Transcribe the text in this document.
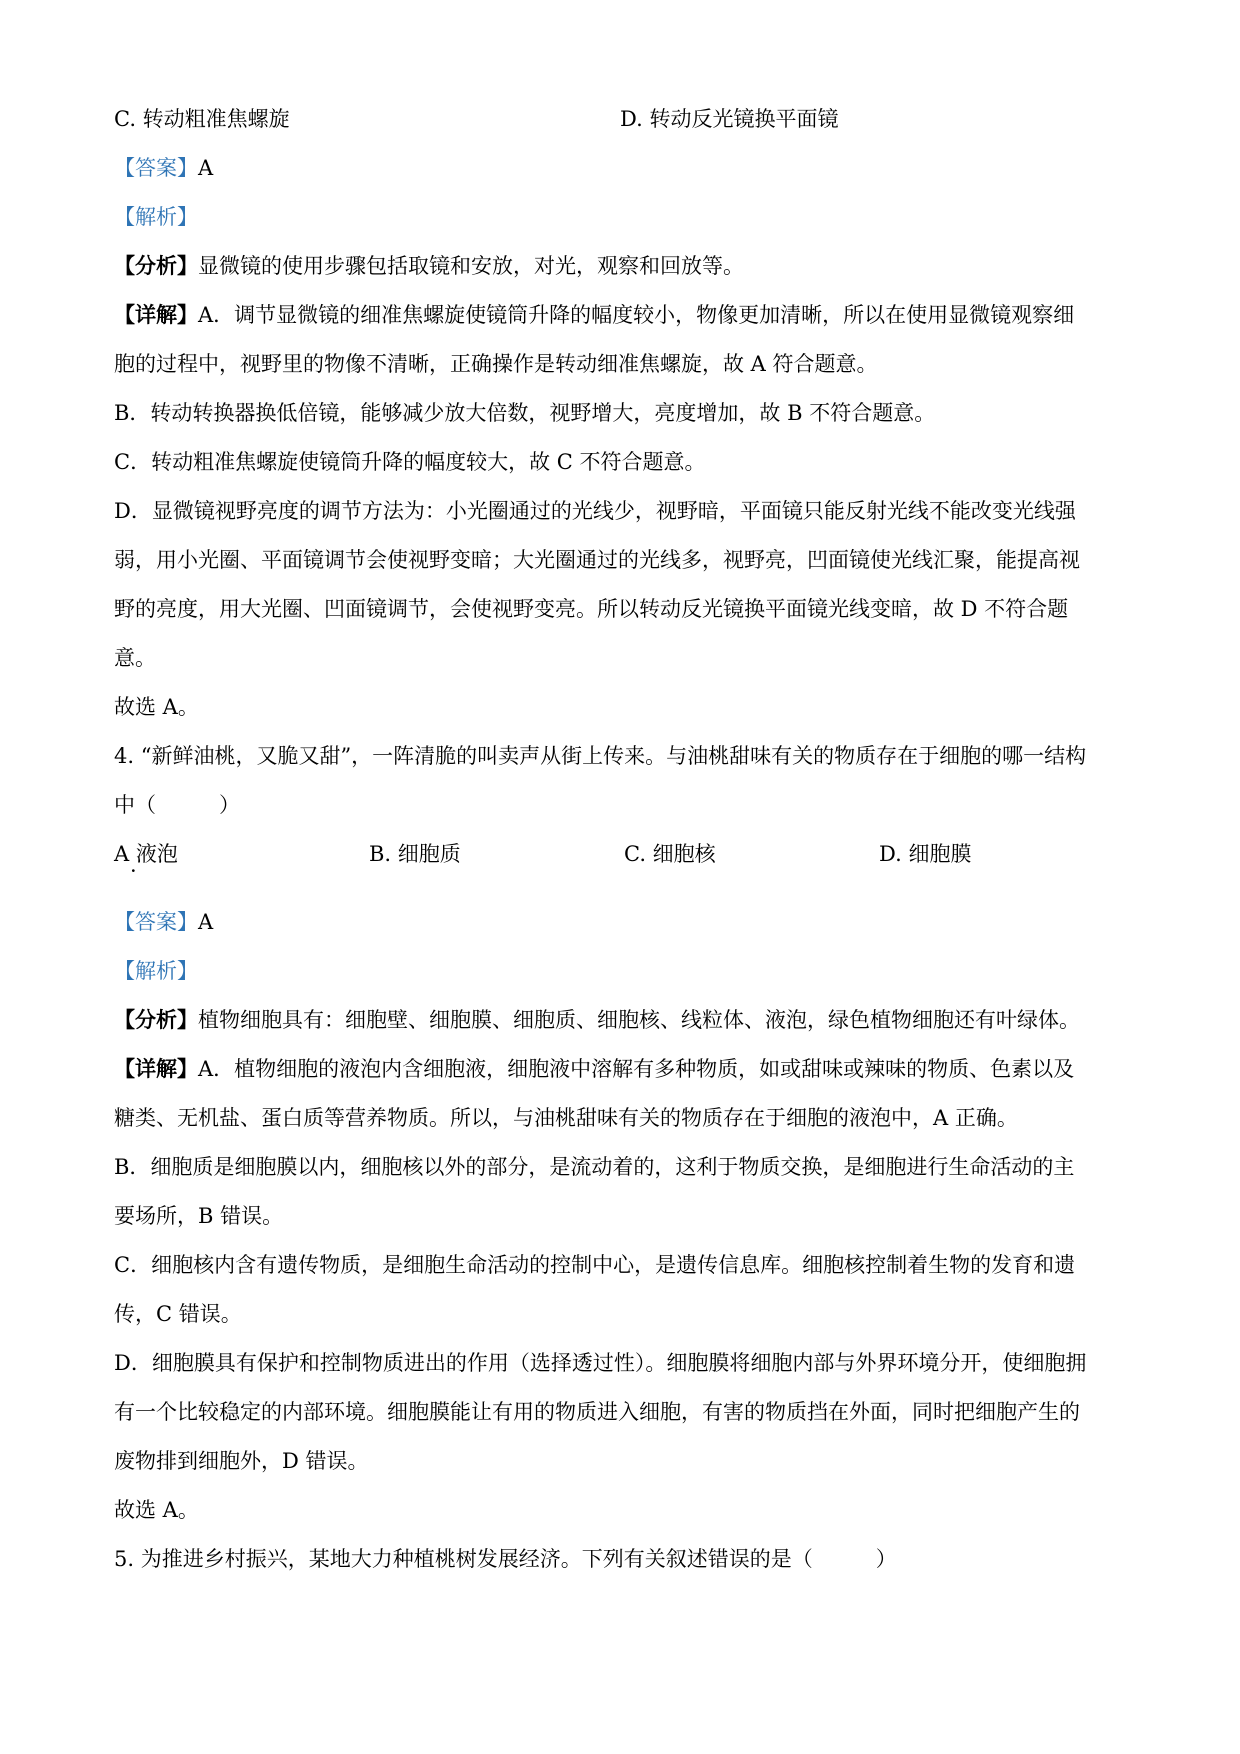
C. 转动粗准焦螺旋	D. 转动反光镜换平面镜
【答案】A
【解析】
【分析】显微镜的使用步骤包括取镜和安放，对光，观察和回放等。
【详解】A．调节显微镜的细准焦螺旋使镜筒升降的幅度较小，物像更加清晰，所以在使用显微镜观察细
胞的过程中，视野里的物像不清晰，正确操作是转动细准焦螺旋，故 A 符合题意。
B．转动转换器换低倍镜，能够减少放大倍数，视野增大，亮度增加，故 B 不符合题意。
C．转动粗准焦螺旋使镜筒升降的幅度较大，故 C 不符合题意。
D．显微镜视野亮度的调节方法为：小光圈通过的光线少，视野暗，平面镜只能反射光线不能改变光线强
弱，用小光圈、平面镜调节会使视野变暗；大光圈通过的光线多，视野亮，凹面镜使光线汇聚，能提高视
野的亮度，用大光圈、凹面镜调节，会使视野变亮。所以转动反光镜换平面镜光线变暗，故 D 不符合题
意。
故选 A。
4. “新鲜油桃，又脆又甜”，一阵清脆的叫卖声从街上传来。与油桃甜味有关的物质存在于细胞的哪一结构
中（　　　）
A 液泡
·
B. 细胞质	C. 细胞核	D. 细胞膜
【答案】A
【解析】
【分析】植物细胞具有：细胞壁、细胞膜、细胞质、细胞核、线粒体、液泡，绿色植物细胞还有叶绿体。
【详解】A．植物细胞的液泡内含细胞液，细胞液中溶解有多种物质，如或甜味或辣味的物质、色素以及
糖类、无机盐、蛋白质等营养物质。所以，与油桃甜味有关的物质存在于细胞的液泡中，A 正确。
B．细胞质是细胞膜以内，细胞核以外的部分，是流动着的，这利于物质交换，是细胞进行生命活动的主
要场所，B 错误。
C．细胞核内含有遗传物质，是细胞生命活动的控制中心，是遗传信息库。细胞核控制着生物的发育和遗
传，C 错误。
D．细胞膜具有保护和控制物质进出的作用（选择透过性）。细胞膜将细胞内部与外界环境分开，使细胞拥
有一个比较稳定的内部环境。细胞膜能让有用的物质进入细胞，有害的物质挡在外面，同时把细胞产生的
废物排到细胞外，D 错误。
故选 A。
5. 为推进乡村振兴，某地大力种植桃树发展经济。下列有关叙述错误的是（　　　）
